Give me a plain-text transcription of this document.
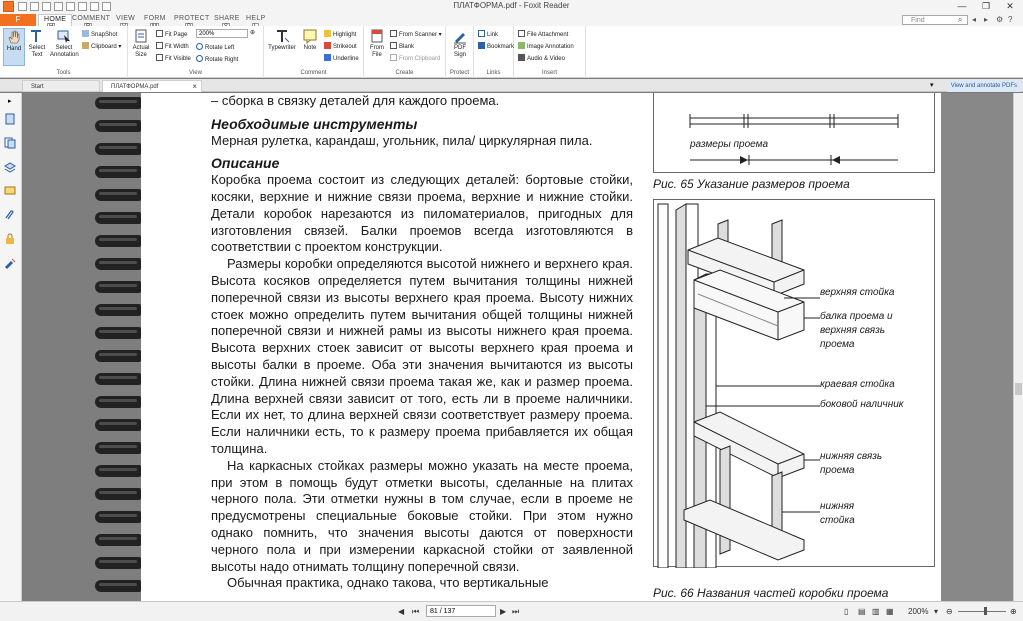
ПЛАТФОРМА.pdf - Foxit Reader	—	❐	✕
F	HOME COMMENT VIEW FORM PROTECT SHARE HELP	Find	⌕ ◂ ▸ ⚙ ?
Hand	Select Text
Select Annotation
SnapShot
Clipboard ▾
Tools
Actual Size
Fit Page
Fit Width
Fit Visible
200%	⊕
Rotate Left
Rotate Right
View
Typewriter	Note
Highlight
Strikeout
Underline
Comment
From File
From Scanner ▾
Blank
From Clipboard
Create
PDF Sign
Protect
Link
Bookmark
Links
File Attachment
Image Annotation
Audio & Video
Insert
Start	ПЛАТФОРМА.pdf	×	▾	View and annotate PDFs
▸	– сборка в связку деталей для каждого проема.

Необходимые инструменты

Мерная рулетка, карандаш, угольник, пила/ циркулярная пила.

Описание

Коробка проема состоит из следующих деталей: бортовые стойки, косяки, верхние и нижние связи проема, верхние и нижние стойки. Детали коробок нарезаются из пиломатериалов, пригодных для изготовления связей. Балки проемов всегда изготовляются в соответствии с проектом конструкции.

Размеры коробки определяются высотой нижнего и верхнего края. Высота косяков определяется путем вычитания толщины нижней поперечной связи из высоты верхнего края проема. Высоту нижних стоек можно определить путем вычитания общей толщины нижней поперечной связи и нижней рамы из высоты нижнего края проема. Высота верхних стоек зависит от высоты верхнего края проема и высоты балки в проеме. Оба эти значения вычитаются из высоты стойки. Длина нижней связи проема такая же, как и размер проема. Длина верхней связи зависит от того, есть ли в проеме наличники. Если их нет, то длина верхней связи соответствует размеру проема. Если наличники есть, то к размеру проема прибавляется их общая толщина.

На каркасных стойках размеры можно указать на месте проема, при этом в помощь будут отметки высоты, сделанные на плитах черного пола. Эти отметки нужны в том случае, если в проеме не предусмотрены специальные боковые стойки. При этом нужно однако помнить, что значения высоты даются от поверхности черного пола и при измерении каркасной стойки от заявленной высоты надо отнимать толщину поперечной связи.

Обычная практика, однако такова, что вертикальные

размеры проема
Рис. 65 Указание размеров проема
верхняя стойка
балка проема и
верхняя связь
проема
краевая стойка
боковой наличник
нижняя связь
проема
нижняя
стойка
Рис. 66 Названия частей коробки проема
⏮
◀	81 / 137	▶ ⏭	▯ ▤ ▥ ▦ 200% ▾ ⊖	⊕
